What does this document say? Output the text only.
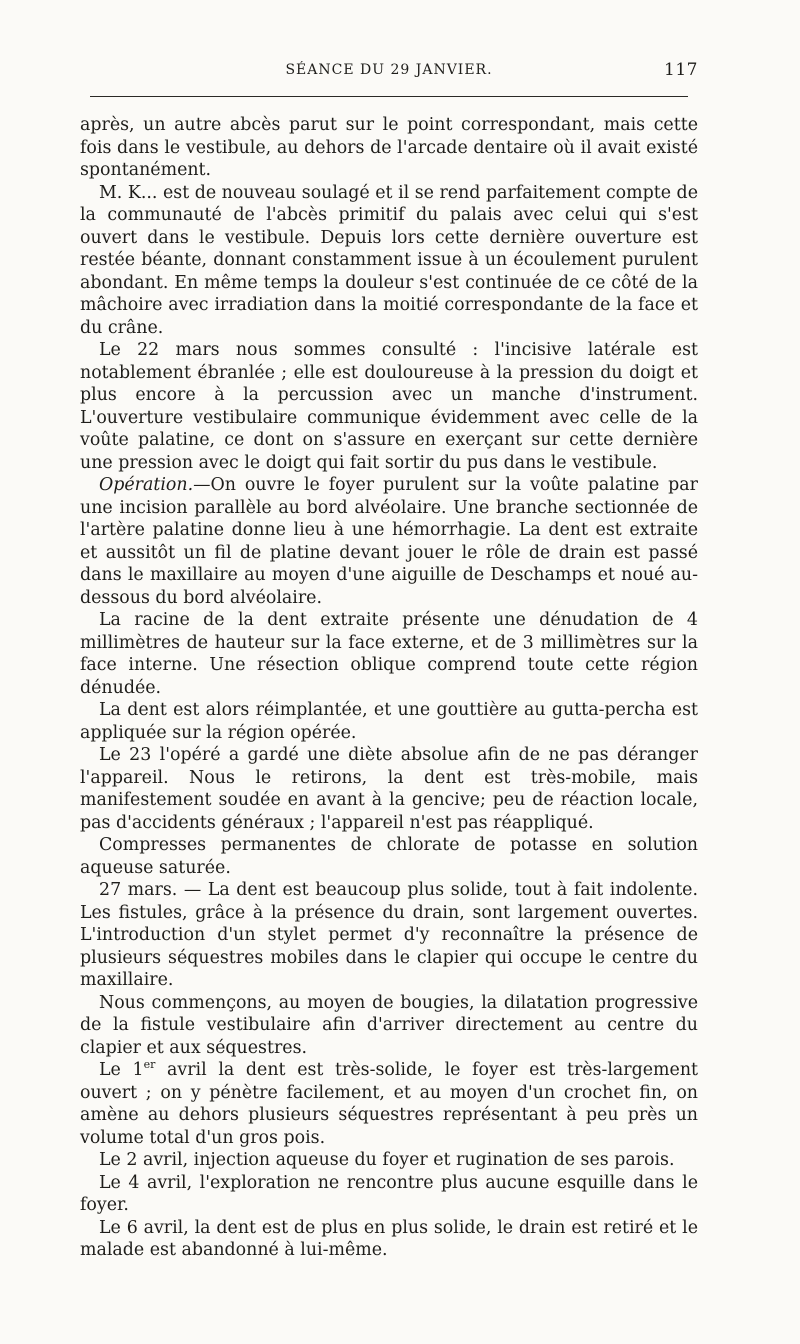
SÉANCE DU 29 JANVIER.	117

après, un autre abcès parut sur le point correspondant, mais cette fois dans le vestibule, au dehors de l'arcade dentaire où il avait existé spontanément.

M. K... est de nouveau soulagé et il se rend parfaitement compte de la communauté de l'abcès primitif du palais avec celui qui s'est ouvert dans le vestibule. Depuis lors cette dernière ouverture est restée béante, donnant constamment issue à un écoulement purulent abondant. En même temps la douleur s'est continuée de ce côté de la mâchoire avec irradiation dans la moitié correspondante de la face et du crâne.

Le 22 mars nous sommes consulté : l'incisive latérale est notablement ébranlée ; elle est douloureuse à la pression du doigt et plus encore à la percussion avec un manche d'instrument. L'ouverture vestibulaire communique évidemment avec celle de la voûte palatine, ce dont on s'assure en exerçant sur cette dernière une pression avec le doigt qui fait sortir du pus dans le vestibule.

Opération.—On ouvre le foyer purulent sur la voûte palatine par une incision parallèle au bord alvéolaire. Une branche sectionnée de l'artère palatine donne lieu à une hémorrhagie. La dent est extraite et aussitôt un fil de platine devant jouer le rôle de drain est passé dans le maxillaire au moyen d'une aiguille de Deschamps et noué au-dessous du bord alvéolaire.

La racine de la dent extraite présente une dénudation de 4 millimètres de hauteur sur la face externe, et de 3 millimètres sur la face interne. Une résection oblique comprend toute cette région dénudée.

La dent est alors réimplantée, et une gouttière au gutta-percha est appliquée sur la région opérée.

Le 23 l'opéré a gardé une diète absolue afin de ne pas déranger l'appareil. Nous le retirons, la dent est très-mobile, mais manifestement soudée en avant à la gencive; peu de réaction locale, pas d'accidents généraux ; l'appareil n'est pas réappliqué.

Compresses permanentes de chlorate de potasse en solution aqueuse saturée.

27 mars. — La dent est beaucoup plus solide, tout à fait indolente. Les fistules, grâce à la présence du drain, sont largement ouvertes. L'introduction d'un stylet permet d'y reconnaître la présence de plusieurs séquestres mobiles dans le clapier qui occupe le centre du maxillaire.

Nous commençons, au moyen de bougies, la dilatation progressive de la fistule vestibulaire afin d'arriver directement au centre du clapier et aux séquestres.

Le 1er avril la dent est très-solide, le foyer est très-largement ouvert ; on y pénètre facilement, et au moyen d'un crochet fin, on amène au dehors plusieurs séquestres représentant à peu près un volume total d'un gros pois.

Le 2 avril, injection aqueuse du foyer et rugination de ses parois.

Le 4 avril, l'exploration ne rencontre plus aucune esquille dans le foyer.

Le 6 avril, la dent est de plus en plus solide, le drain est retiré et le malade est abandonné à lui-même.
